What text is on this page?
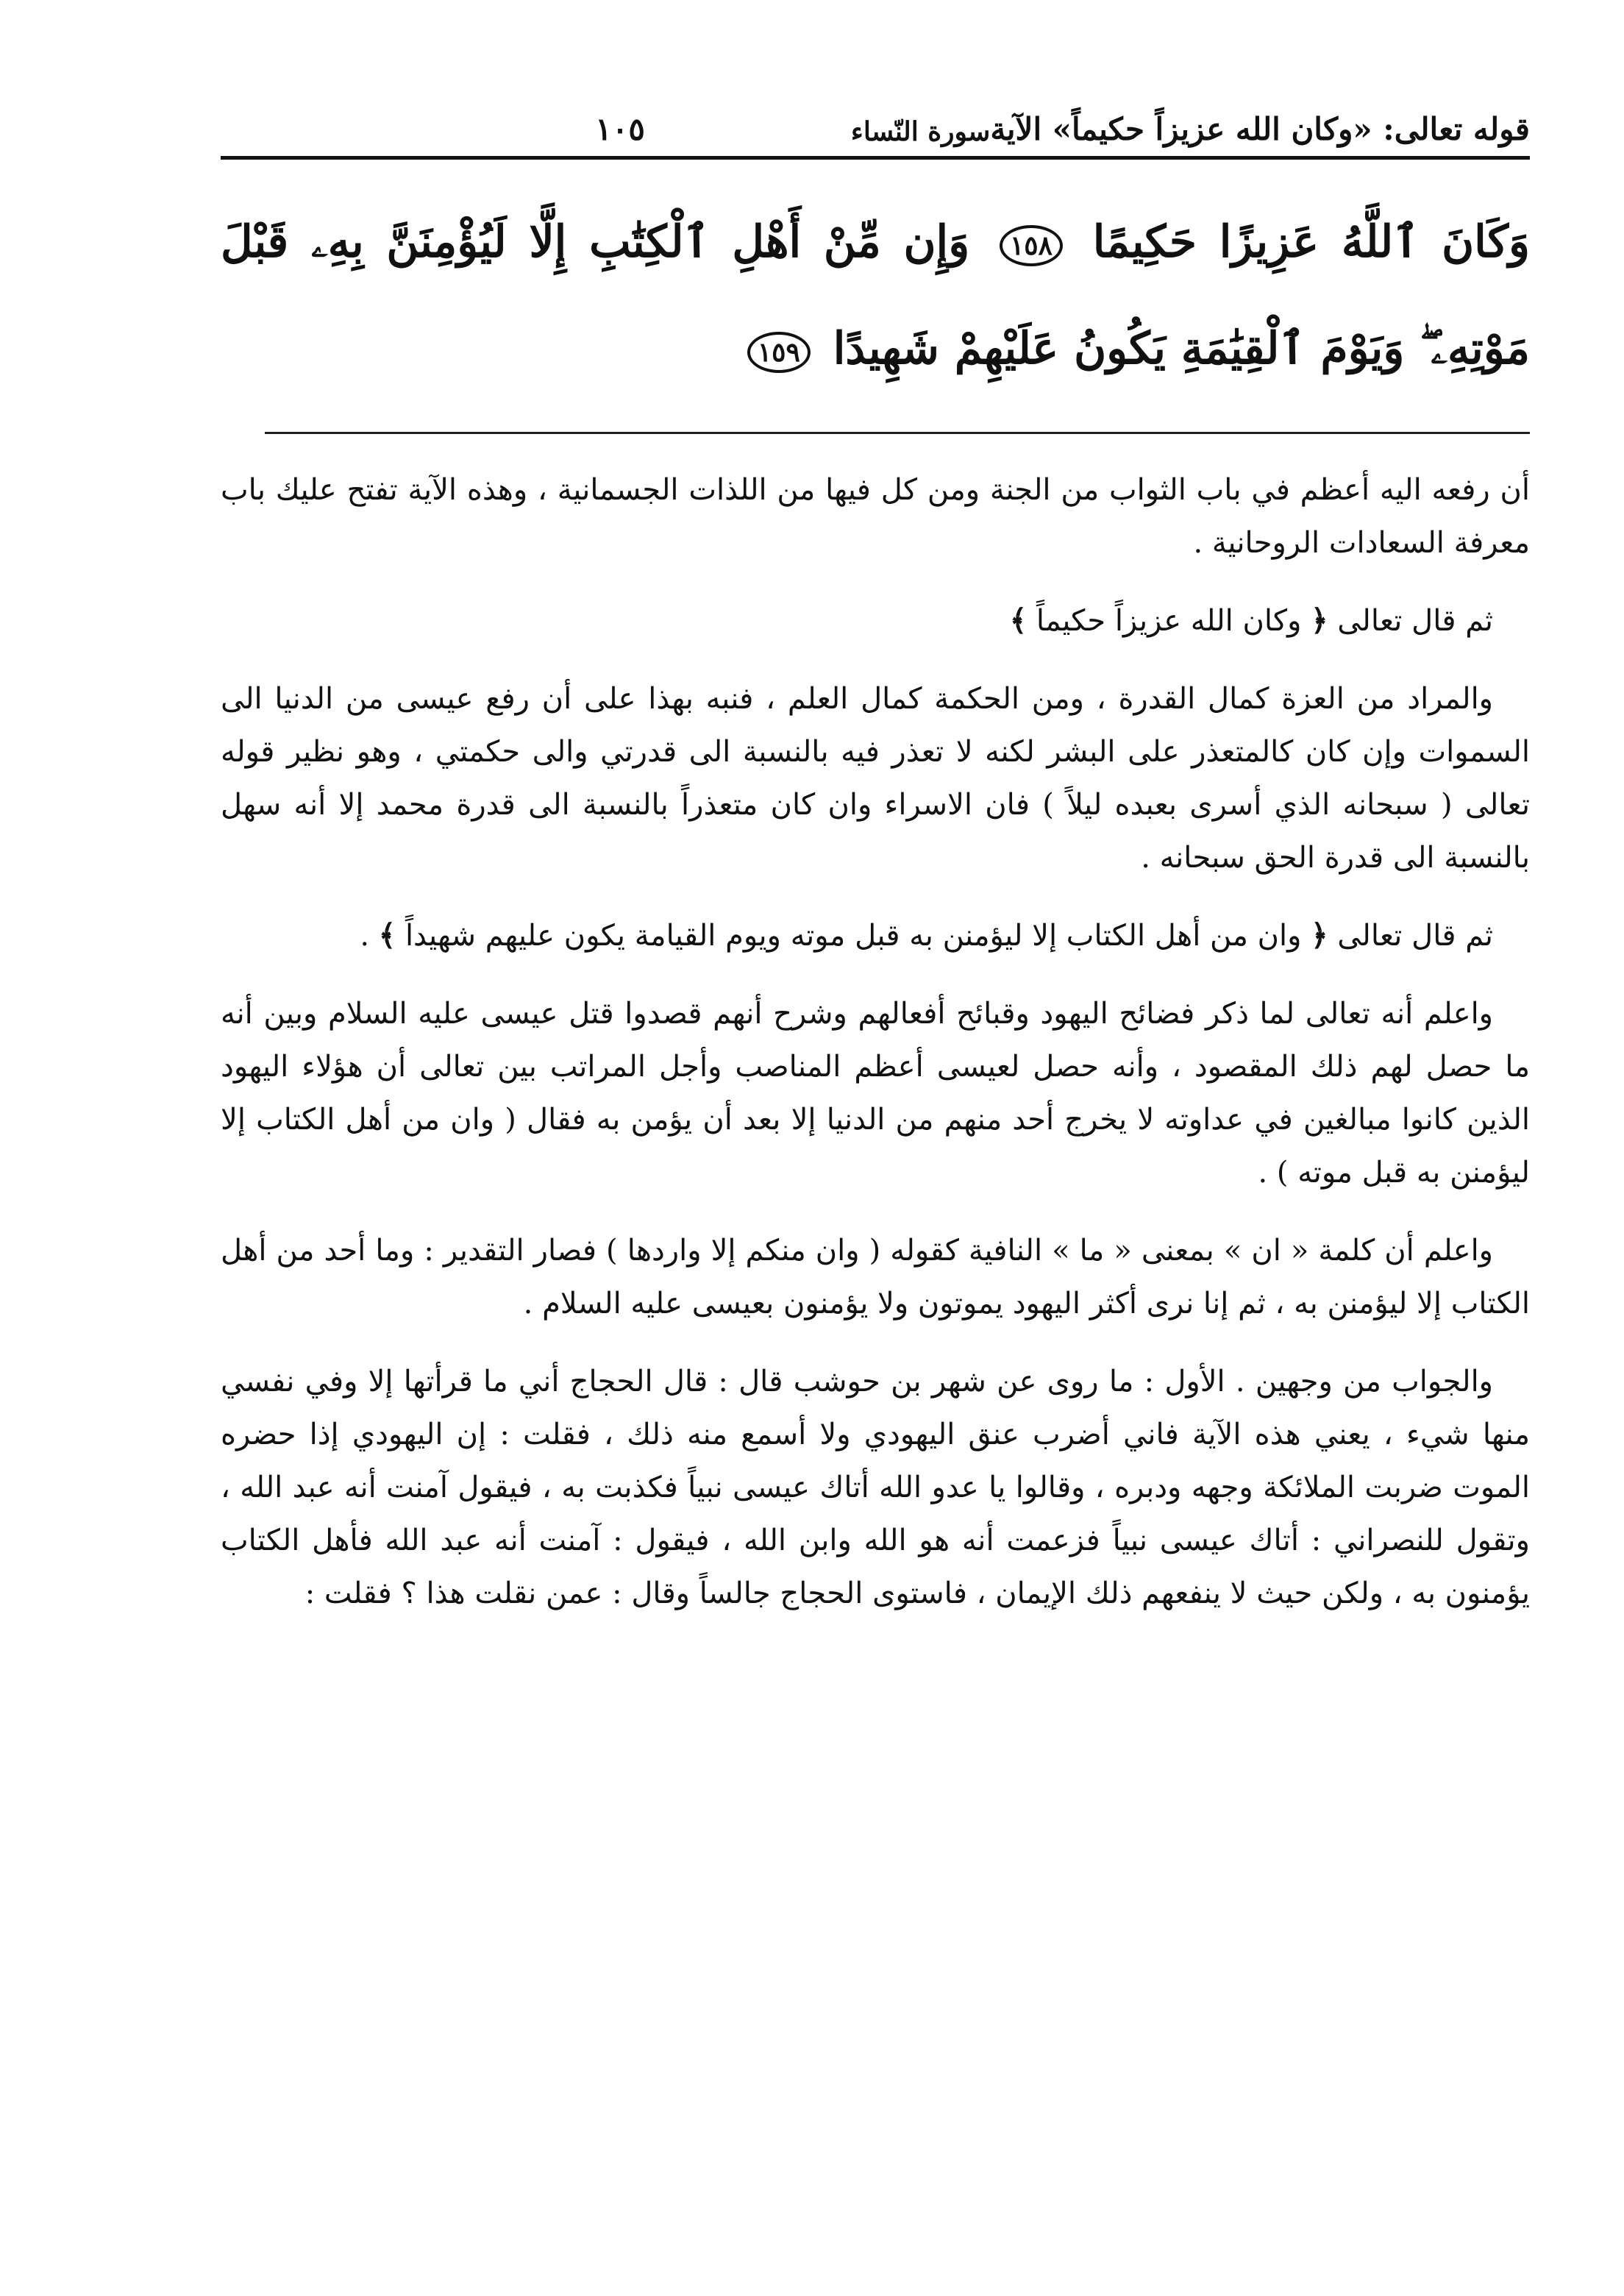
قوله تعالى: «وكان الله عزيزاً حكيماً» الآية
١٠٥	سورة النّساء
وَكَانَ ٱللَّهُ عَزِيزًا حَكِيمًا ١٥٨ وَإِن مِّنْ أَهْلِ ٱلْكِتَٰبِ إِلَّا لَيُؤْمِنَنَّ بِهِۦ قَبْلَ مَوْتِهِۦ ۖ وَيَوْمَ ٱلْقِيَٰمَةِ يَكُونُ عَلَيْهِمْ شَهِيدًا ١٥٩

أن رفعه اليه أعظم في باب الثواب من الجنة ومن كل فيها من اللذات الجسمانية ، وهذه الآية تفتح عليك باب معرفة السعادات الروحانية .

ثم قال تعالى ﴿ وكان الله عزيزاً حكيماً ﴾

والمراد من العزة كمال القدرة ، ومن الحكمة كمال العلم ، فنبه بهذا على أن رفع عيسى من الدنيا الى السموات وإن كان كالمتعذر على البشر لكنه لا تعذر فيه بالنسبة الى قدرتي والى حكمتي ، وهو نظير قوله تعالى ( سبحانه الذي أسرى بعبده ليلاً ) فان الاسراء وان كان متعذراً بالنسبة الى قدرة محمد إلا أنه سهل بالنسبة الى قدرة الحق سبحانه .

ثم قال تعالى ﴿ وان من أهل الكتاب إلا ليؤمنن به قبل موته ويوم القيامة يكون عليهم شهيداً ﴾ .

واعلم أنه تعالى لما ذكر فضائح اليهود وقبائح أفعالهم وشرح أنهم قصدوا قتل عيسى عليه السلام وبين أنه ما حصل لهم ذلك المقصود ، وأنه حصل لعيسى أعظم المناصب وأجل المراتب بين تعالى أن هؤلاء اليهود الذين كانوا مبالغين في عداوته لا يخرج أحد منهم من الدنيا إلا بعد أن يؤمن به فقال ( وان من أهل الكتاب إلا ليؤمنن به قبل موته ) .

واعلم أن كلمة « ان » بمعنى « ما » النافية كقوله ( وان منكم إلا واردها ) فصار التقدير : وما أحد من أهل الكتاب إلا ليؤمنن به ، ثم إنا نرى أكثر اليهود يموتون ولا يؤمنون بعيسى عليه السلام .

والجواب من وجهين . الأول : ما روى عن شهر بن حوشب قال : قال الحجاج أني ما قرأتها إلا وفي نفسي منها شيء ، يعني هذه الآية فاني أضرب عنق اليهودي ولا أسمع منه ذلك ، فقلت : إن اليهودي إذا حضره الموت ضربت الملائكة وجهه ودبره ، وقالوا يا عدو الله أتاك عيسى نبياً فكذبت به ، فيقول آمنت أنه عبد الله ، وتقول للنصراني : أتاك عيسى نبياً فزعمت أنه هو الله وابن الله ، فيقول : آمنت أنه عبد الله فأهل الكتاب يؤمنون به ، ولكن حيث لا ينفعهم ذلك الإيمان ، فاستوى الحجاج جالساً وقال : عمن نقلت هذا ؟ فقلت :
